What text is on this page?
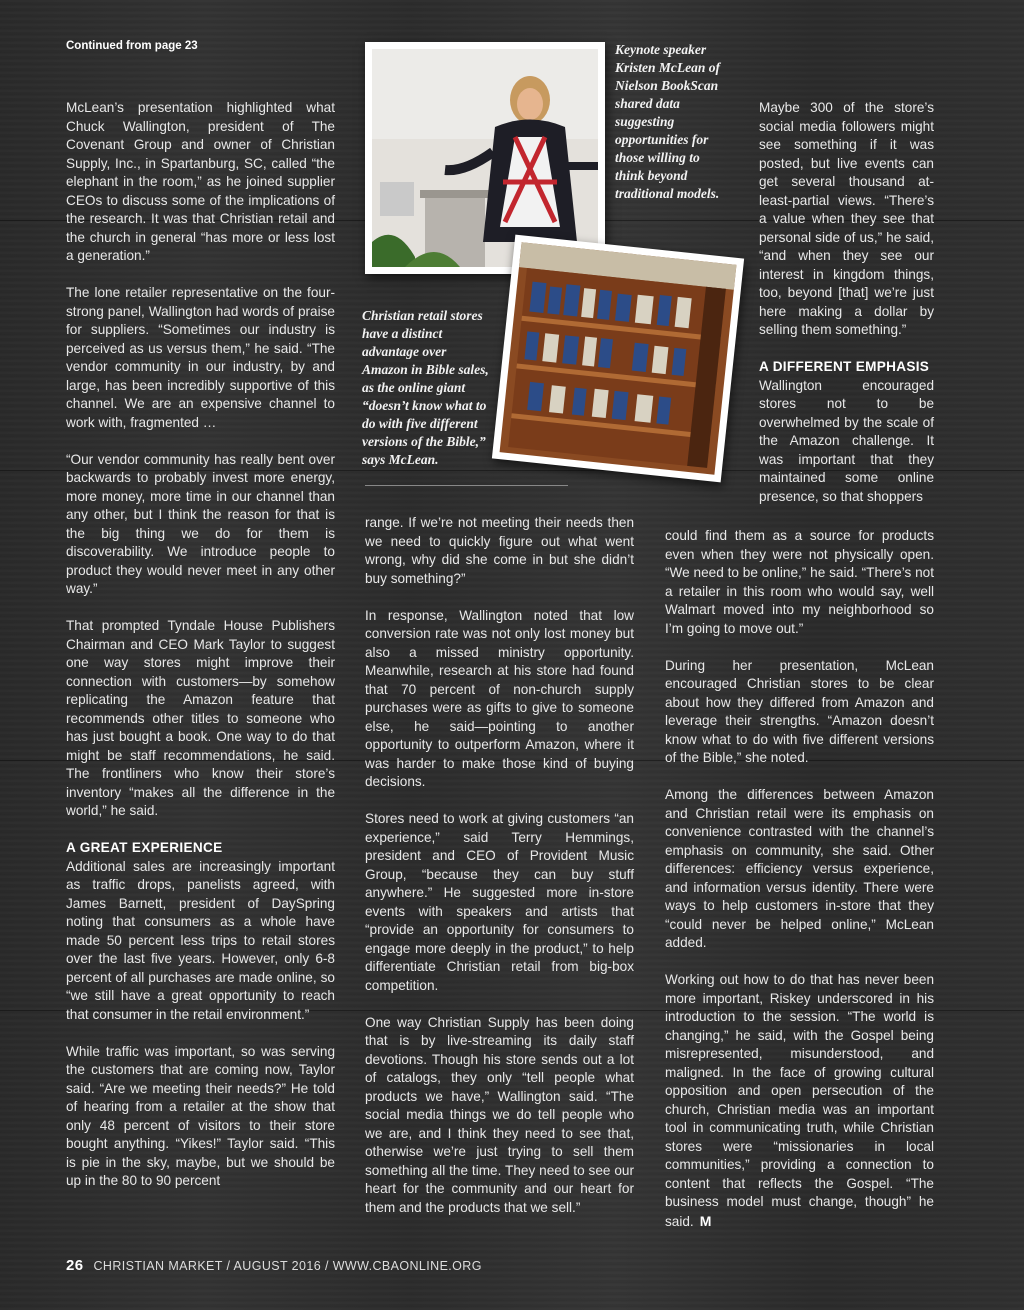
Continued from page 23

McLean’s presentation highlighted what Chuck Wallington, president of The Covenant Group and owner of Christian Supply, Inc., in Spartanburg, SC, called “the elephant in the room,” as he joined supplier CEOs to discuss some of the implications of the research. It was that Christian retail and the church in general “has more or less lost a generation.”

The lone retailer representative on the four-strong panel, Wallington had words of praise for suppliers. “Sometimes our industry is perceived as us versus them,” he said. “The vendor community in our industry, by and large, has been incredibly supportive of this channel. We are an expensive channel to work with, fragmented …

“Our vendor community has really bent over backwards to probably invest more energy, more money, more time in our channel than any other, but I think the reason for that is the big thing we do for them is discoverability. We introduce people to product they would never meet in any other way.”

That prompted Tyndale House Publishers Chairman and CEO Mark Taylor to suggest one way stores might improve their connection with customers—by somehow replicating the Amazon feature that recommends other titles to someone who has just bought a book. One way to do that might be staff recommendations, he said. The frontliners who know their store’s inventory “makes all the difference in the world,” he said.

A GREAT EXPERIENCE

Additional sales are increasingly important as traffic drops, panelists agreed, with James Barnett, president of DaySpring noting that consumers as a whole have made 50 percent less trips to retail stores over the last five years. However, only 6-8 percent of all purchases are made online, so “we still have a great opportunity to reach that consumer in the retail environment.”

While traffic was important, so was serving the customers that are coming now, Taylor said. “Are we meeting their needs?” He told of hearing from a retailer at the show that only 48 percent of visitors to their store bought anything. “Yikes!” Taylor said. “This is pie in the sky, maybe, but we should be up in the 80 to 90 percent

Keynote speaker Kristen McLean of Nielson BookScan shared data suggesting opportunities for those willing to think beyond traditional models.
Christian retail stores have a distinct advantage over Amazon in Bible sales, as the online giant “doesn’t know what to do with five different versions of the Bible,” says McLean.

range. If we’re not meeting their needs then we need to quickly figure out what went wrong, why did she come in but she didn’t buy something?”

In response, Wallington noted that low conversion rate was not only lost money but also a missed ministry opportunity. Meanwhile, research at his store had found that 70 percent of non-church supply purchases were as gifts to give to someone else, he said—pointing to another opportunity to outperform Amazon, where it was harder to make those kind of buying decisions.

Stores need to work at giving customers “an experience,” said Terry Hemmings, president and CEO of Provident Music Group, “because they can buy stuff anywhere.” He suggested more in-store events with speakers and artists that “provide an opportunity for consumers to engage more deeply in the product,” to help differentiate Christian retail from big-box competition.

One way Christian Supply has been doing that is by live-streaming its daily staff devotions. Though his store sends out a lot of catalogs, they only “tell people what products we have,” Wallington said. “The social media things we do tell people who we are, and I think they need to see that, otherwise we’re just trying to sell them something all the time. They need to see our heart for the community and our heart for them and the products that we sell.”

Maybe 300 of the store’s social media followers might see something if it was posted, but live events can get several thousand at-least-partial views. “There’s a value when they see that personal side of us,” he said, “and when they see our interest in kingdom things, too, beyond [that] we’re just here making a dollar by selling them something.”

A DIFFERENT EMPHASIS

Wallington encouraged stores not to be overwhelmed by the scale of the Amazon challenge. It was important that they maintained some online presence, so that shoppers

could find them as a source for products even when they were not physically open. “We need to be online,” he said. “There’s not a retailer in this room who would say, well Walmart moved into my neighborhood so I’m going to move out.”

During her presentation, McLean encouraged Christian stores to be clear about how they differed from Amazon and leverage their strengths. “Amazon doesn’t know what to do with five different versions of the Bible,” she noted.

Among the differences between Amazon and Christian retail were its emphasis on convenience contrasted with the channel’s emphasis on community, she said. Other differences: efficiency versus experience, and information versus identity. There were ways to help customers in-store that they “could never be helped online,” McLean added.

Working out how to do that has never been more important, Riskey underscored in his introduction to the session. “The world is changing,” he said, with the Gospel being misrepresented, misunderstood, and maligned. In the face of growing cultural opposition and open persecution of the church, Christian media was an important tool in communicating truth, while Christian stores were “missionaries in local communities,” providing a connection to content that reflects the Gospel. “The business model must change, though” he said. M

26 CHRISTIAN MARKET / AUGUST 2016 / WWW.CBAONLINE.ORG
